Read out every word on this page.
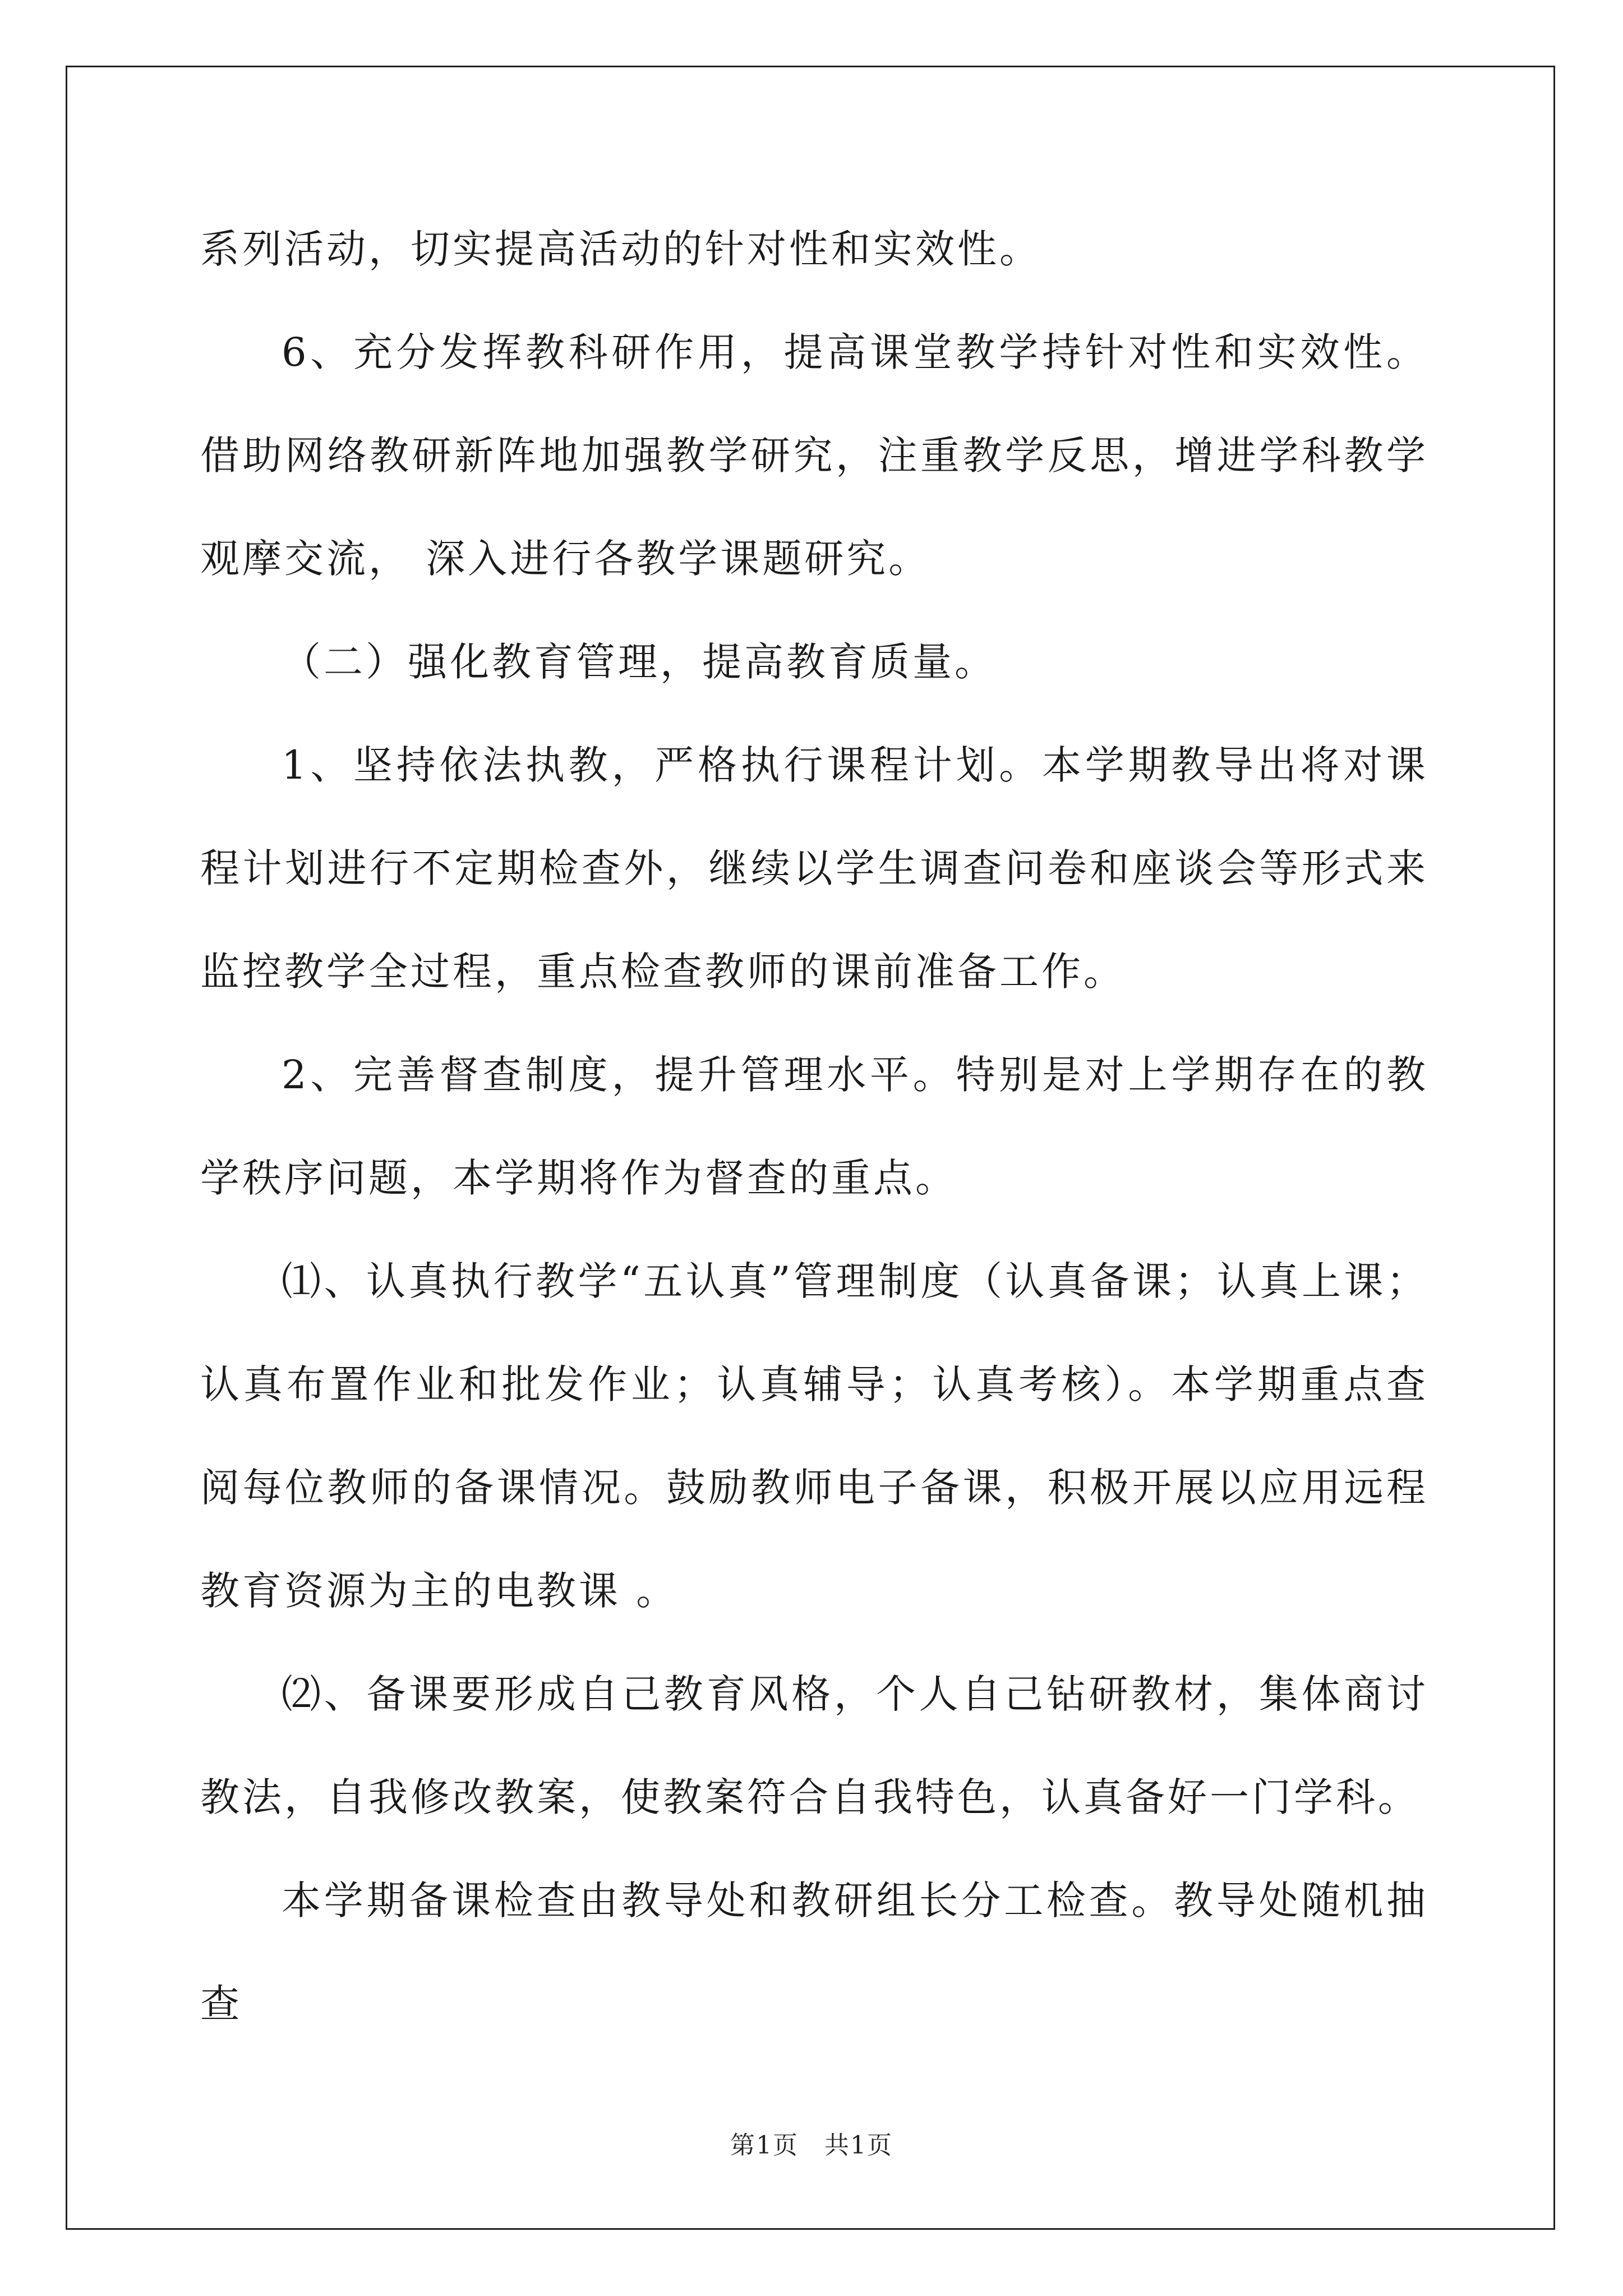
系列活动，切实提高活动的针对性和实效性。

6、充分发挥教科研作用，提高课堂教学持针对性和实效性。借助网络教研新阵地加强教学研究，注重教学反思，增进学科教学观摩交流， 深入进行各教学课题研究。

（二）强化教育管理，提高教育质量。

1、坚持依法执教，严格执行课程计划。本学期教导出将对课程计划进行不定期检查外，继续以学生调查问卷和座谈会等形式来监控教学全过程，重点检查教师的课前准备工作。

2、完善督查制度，提升管理水平。特别是对上学期存在的教学秩序问题，本学期将作为督查的重点。

⑴、认真执行教学“五认真”管理制度（认真备课；认真上课；认真布置作业和批发作业；认真辅导；认真考核）。本学期重点查阅每位教师的备课情况。鼓励教师电子备课，积极开展以应用远程教育资源为主的电教课 。

⑵、备课要形成自己教育风格，个人自己钻研教材，集体商讨教法，自我修改教案，使教案符合自我特色，认真备好一门学科。

本学期备课检查由教导处和教研组长分工检查。教导处随机抽查

第1页　共1页
